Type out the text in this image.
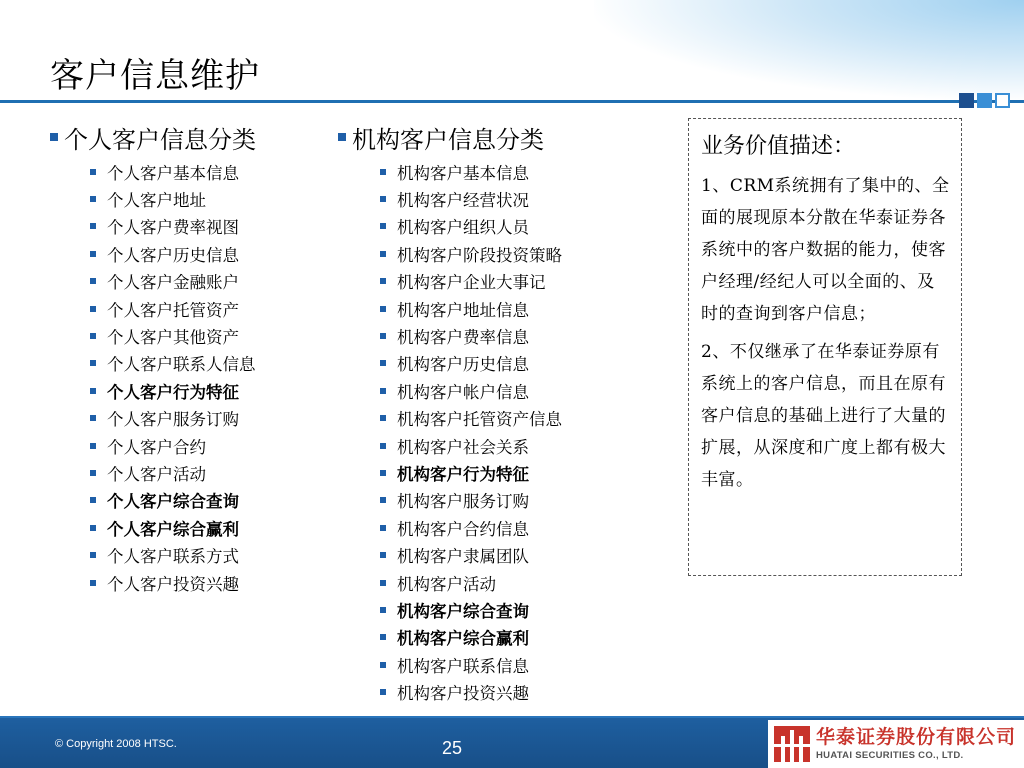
客户信息维护
个人客户信息分类
个人客户基本信息
个人客户地址
个人客户费率视图
个人客户历史信息
个人客户金融账户
个人客户托管资产
个人客户其他资产
个人客户联系人信息
个人客户行为特征
个人客户服务订购
个人客户合约
个人客户活动
个人客户综合查询
个人客户综合赢利
个人客户联系方式
个人客户投资兴趣
机构客户信息分类
机构客户基本信息
机构客户经营状况
机构客户组织人员
机构客户阶段投资策略
机构客户企业大事记
机构客户地址信息
机构客户费率信息
机构客户历史信息
机构客户帐户信息
机构客户托管资产信息
机构客户社会关系
机构客户行为特征
机构客户服务订购
机构客户合约信息
机构客户隶属团队
机构客户活动
机构客户综合查询
机构客户综合赢利
机构客户联系信息
机构客户投资兴趣
业务价值描述：

1、CRM系统拥有了集中的、全面的展现原本分散在华泰证券各系统中的客户数据的能力，使客户经理/经纪人可以全面的、及时的查询到客户信息；

2、不仅继承了在华泰证券原有系统上的客户信息，而且在原有客户信息的基础上进行了大量的扩展，从深度和广度上都有极大丰富。

© Copyright 2008 HTSC.	25
华泰证券股份有限公司
HUATAI SECURITIES CO., LTD.
